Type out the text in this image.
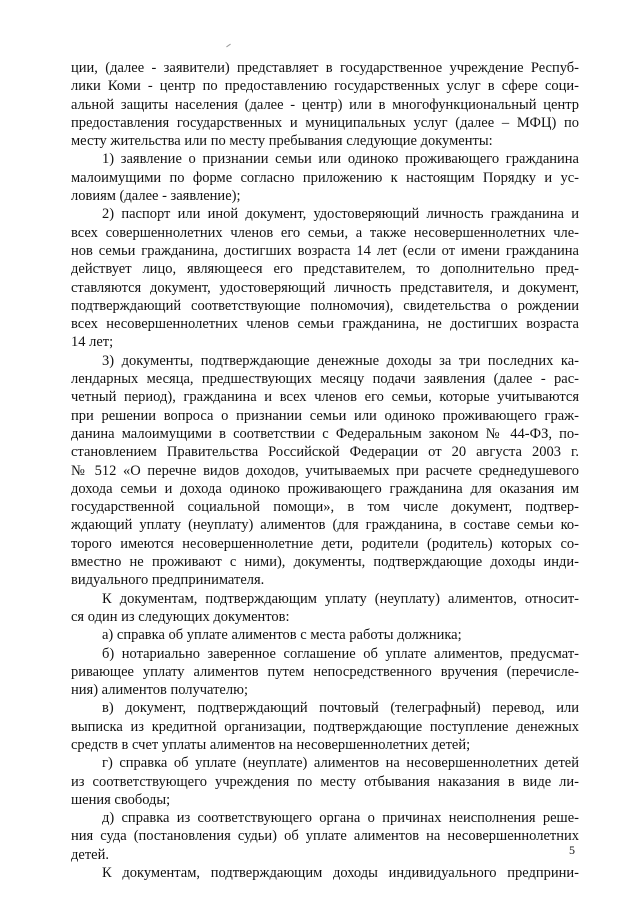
ции, (далее - заявители) представляет в государственное учреждение Респуб-
лики Коми - центр по предоставлению государственных услуг в сфере соци-
альной защиты населения (далее - центр) или в многофункциональный центр
предоставления государственных и муниципальных услуг (далее – МФЦ) по
месту жительства или по месту пребывания следующие документы:
1) заявление о признании семьи или одиноко проживающего гражданина
малоимущими по форме согласно приложению к настоящим Порядку и ус-
ловиям (далее - заявление);
2) паспорт или иной документ, удостоверяющий личность гражданина и
всех совершеннолетних членов его семьи, а также несовершеннолетних чле-
нов семьи гражданина, достигших возраста 14 лет (если от имени гражданина
действует лицо, являющееся его представителем, то дополнительно пред-
ставляются документ, удостоверяющий личность представителя, и документ,
подтверждающий соответствующие полномочия), свидетельства о рождении
всех несовершеннолетних членов семьи гражданина, не достигших возраста
14 лет;
3) документы, подтверждающие денежные доходы за три последних ка-
лендарных месяца, предшествующих месяцу подачи заявления (далее - рас-
четный период), гражданина и всех членов его семьи, которые учитываются
при решении вопроса о признании семьи или одиноко проживающего граж-
данина малоимущими в соответствии с Федеральным законом № 44-ФЗ, по-
становлением Правительства Российской Федерации от 20 августа 2003 г.
№ 512 «О перечне видов доходов, учитываемых при расчете среднедушевого
дохода семьи и дохода одиноко проживающего гражданина для оказания им
государственной социальной помощи», в том числе документ, подтвер-
ждающий уплату (неуплату) алиментов (для гражданина, в составе семьи ко-
торого имеются несовершеннолетние дети, родители (родитель) которых со-
вместно не проживают с ними), документы, подтверждающие доходы инди-
видуального предпринимателя.
К документам, подтверждающим уплату (неуплату) алиментов, относит-
ся один из следующих документов:
а) справка об уплате алиментов с места работы должника;
б) нотариально заверенное соглашение об уплате алиментов, предусмат-
ривающее уплату алиментов путем непосредственного вручения (перечисле-
ния) алиментов получателю;
в) документ, подтверждающий почтовый (телеграфный) перевод, или
выписка из кредитной организации, подтверждающие поступление денежных
средств в счет уплаты алиментов на несовершеннолетних детей;
г) справка об уплате (неуплате) алиментов на несовершеннолетних детей
из соответствующего учреждения по месту отбывания наказания в виде ли-
шения свободы;
д) справка из соответствующего органа о причинах неисполнения реше-
ния суда (постановления судьи) об уплате алиментов на несовершеннолетних
детей.
К документам, подтверждающим доходы индивидуального предприни-
5
